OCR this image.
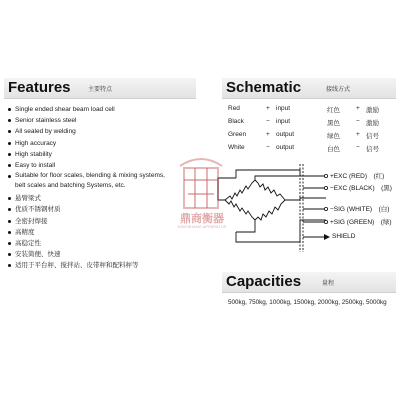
Features	主要特点
Single ended shear beam load cell
Senior stainless steel
All sealed by welding
High accuracy
High stability
Easy to install
Suitable for floor scales, blending & mixing systems, belt scales and batching Systems, etc.
悬臂梁式
优质不锈钢材质
全密封焊接
高精度
高稳定性
安装简便、快速
适用于平台秤、搅拌站、皮带秤和配料秤等
Schematic	接线方式
Red	+ input	红色 + 激励
Black	− input	黑色 − 激励
Green	+ output	绿色 + 信号
White	− output	白色 − 信号
+EXC (RED)　(红)
−EXC (BLACK)　(黑)
−SIG (WHITE)　(白)
+SIG (GREEN)　(绿)
SHIELD
Capacities	量程
500kg, 750kg, 1000kg, 1500kg, 2000kg, 2500kg, 5000kg
鼎商衡器
DINGSHANG APPARATUS
